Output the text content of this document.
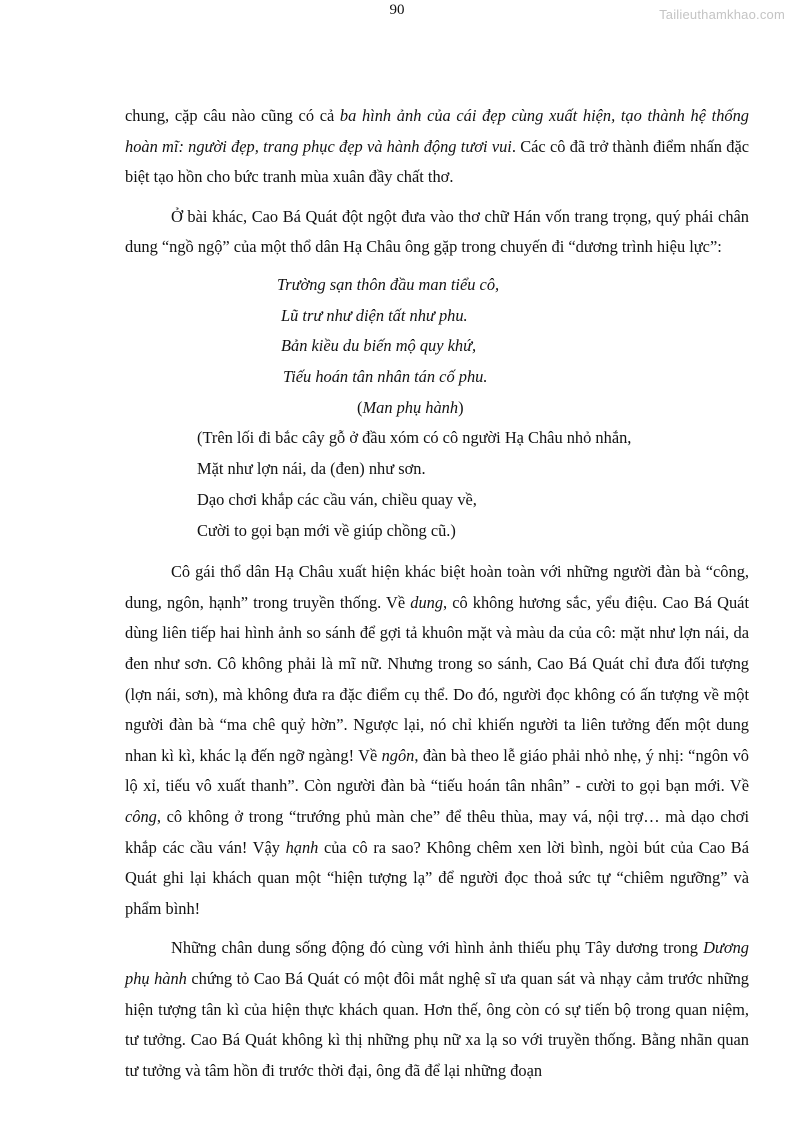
90	Tailieuthamkhao.com

chung, cặp câu nào cũng có cả ba hình ảnh của cái đẹp cùng xuất hiện, tạo thành hệ thống hoàn mĩ: người đẹp, trang phục đẹp và hành động tươi vui. Các cô đã trở thành điểm nhấn đặc biệt tạo hồn cho bức tranh mùa xuân đầy chất thơ.

Ở bài khác, Cao Bá Quát đột ngột đưa vào thơ chữ Hán vốn trang trọng, quý phái chân dung “ngồ ngộ” của một thổ dân Hạ Châu ông gặp trong chuyến đi “dương trình hiệu lực”:

Trường sạn thôn đầu man tiểu cô,

Lũ trư như diện tất như phu.

Bản kiều du biến mộ quy khứ,

Tiếu hoán tân nhân tán cố phu.

(Man phụ hành)

(Trên lối đi bắc cây gỗ ở đầu xóm có cô người Hạ Châu nhỏ nhắn,

Mặt như lợn nái, da (đen) như sơn.

Dạo chơi khắp các cầu ván, chiều quay về,

Cười to gọi bạn mới về giúp chồng cũ.)

Cô gái thổ dân Hạ Châu xuất hiện khác biệt hoàn toàn với những người đàn bà “công, dung, ngôn, hạnh” trong truyền thống. Về dung, cô không hương sắc, yểu điệu. Cao Bá Quát dùng liên tiếp hai hình ảnh so sánh để gợi tả khuôn mặt và màu da của cô: mặt như lợn nái, da đen như sơn. Cô không phải là mĩ nữ. Nhưng trong so sánh, Cao Bá Quát chỉ đưa đối tượng (lợn nái, sơn), mà không đưa ra đặc điểm cụ thể. Do đó, người đọc không có ấn tượng về một người đàn bà “ma chê quỷ hờn”. Ngược lại, nó chỉ khiến người ta liên tưởng đến một dung nhan kì kì, khác lạ đến ngỡ ngàng! Về ngôn, đàn bà theo lễ giáo phải nhỏ nhẹ, ý nhị: “ngôn vô lộ xỉ, tiếu vô xuất thanh”. Còn người đàn bà “tiếu hoán tân nhân” - cười to gọi bạn mới. Về công, cô không ở trong “trướng phủ màn che” để thêu thùa, may vá, nội trợ… mà dạo chơi khắp các cầu ván! Vậy hạnh của cô ra sao? Không chêm xen lời bình, ngòi bút của Cao Bá Quát ghi lại khách quan một “hiện tượng lạ” để người đọc thoả sức tự “chiêm ngưỡng” và phẩm bình!

Những chân dung sống động đó cùng với hình ảnh thiếu phụ Tây dương trong Dương phụ hành chứng tỏ Cao Bá Quát có một đôi mắt nghệ sĩ ưa quan sát và nhạy cảm trước những hiện tượng tân kì của hiện thực khách quan. Hơn thế, ông còn có sự tiến bộ trong quan niệm, tư tưởng. Cao Bá Quát không kì thị những phụ nữ xa lạ so với truyền thống. Bằng nhãn quan tư tưởng và tâm hồn đi trước thời đại, ông đã để lại những đoạn
